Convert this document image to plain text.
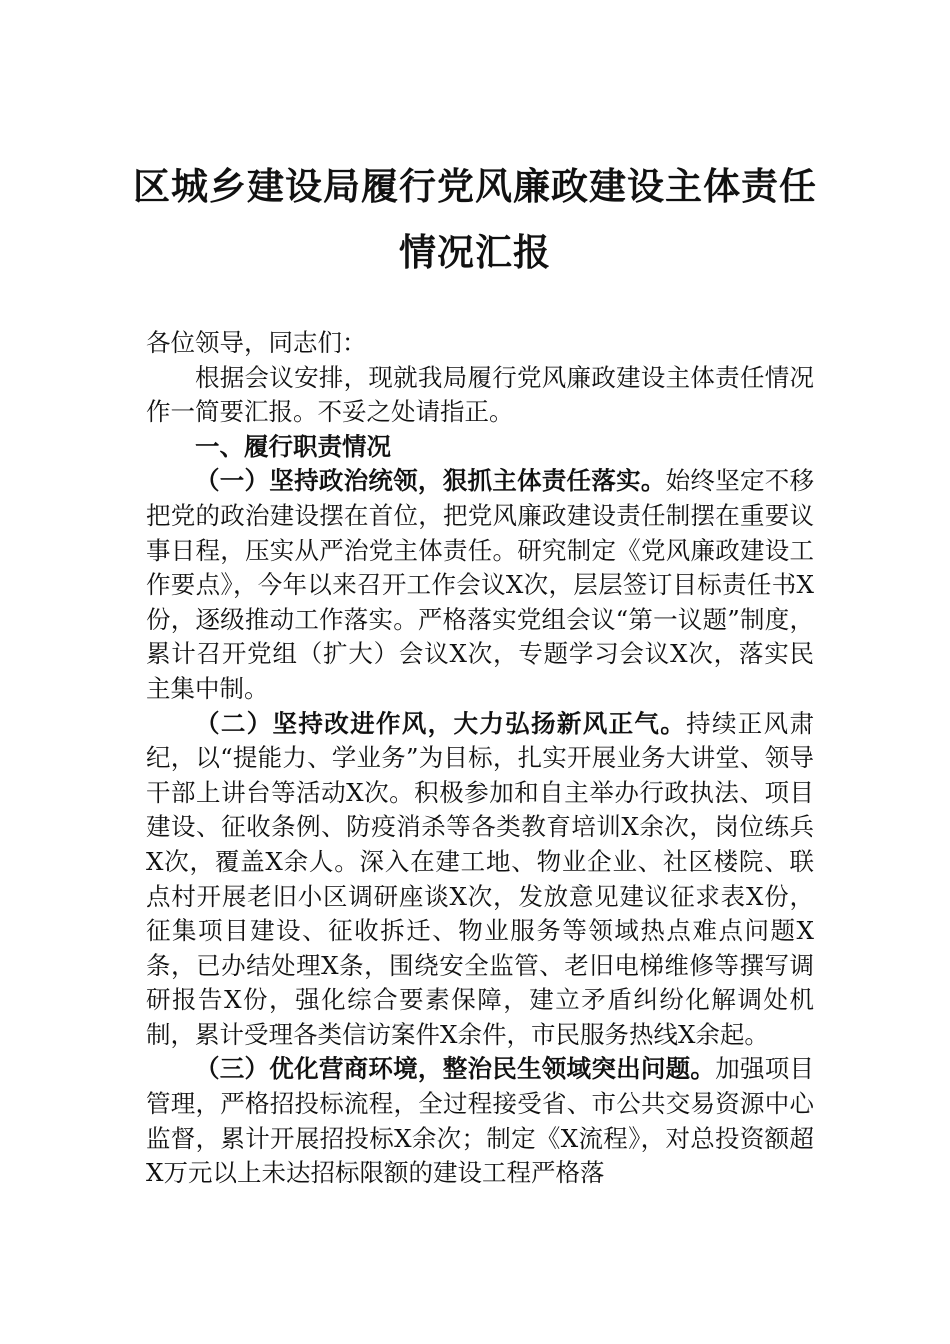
区城乡建设局履行党风廉政建设主体责任
情况汇报

各位领导，同志们：

根据会议安排，现就我局履行党风廉政建设主体责任情况作一简要汇报。不妥之处请指正。

一、履行职责情况

（一）坚持政治统领，狠抓主体责任落实。始终坚定不移把党的政治建设摆在首位，把党风廉政建设责任制摆在重要议事日程，压实从严治党主体责任。研究制定《党风廉政建设工作要点》，今年以来召开工作会议X次，层层签订目标责任书X份，逐级推动工作落实。严格落实党组会议“第一议题”制度，累计召开党组（扩大）会议X次，专题学习会议X次，落实民主集中制。

（二）坚持改进作风，大力弘扬新风正气。持续正风肃纪，以“提能力、学业务”为目标，扎实开展业务大讲堂、领导干部上讲台等活动X次。积极参加和自主举办行政执法、项目建设、征收条例、防疫消杀等各类教育培训X余次，岗位练兵X次，覆盖X余人。深入在建工地、物业企业、社区楼院、联点村开展老旧小区调研座谈X次，发放意见建议征求表X份，征集项目建设、征收拆迁、物业服务等领域热点难点问题X条，已办结处理X条，围绕安全监管、老旧电梯维修等撰写调研报告X份，强化综合要素保障，建立矛盾纠纷化解调处机制，累计受理各类信访案件X余件，市民服务热线X余起。

（三）优化营商环境，整治民生领域突出问题。加强项目管理，严格招投标流程，全过程接受省、市公共交易资源中心监督，累计开展招投标X余次；制定《X流程》，对总投资额超X万元以上未达招标限额的建设工程严格落
